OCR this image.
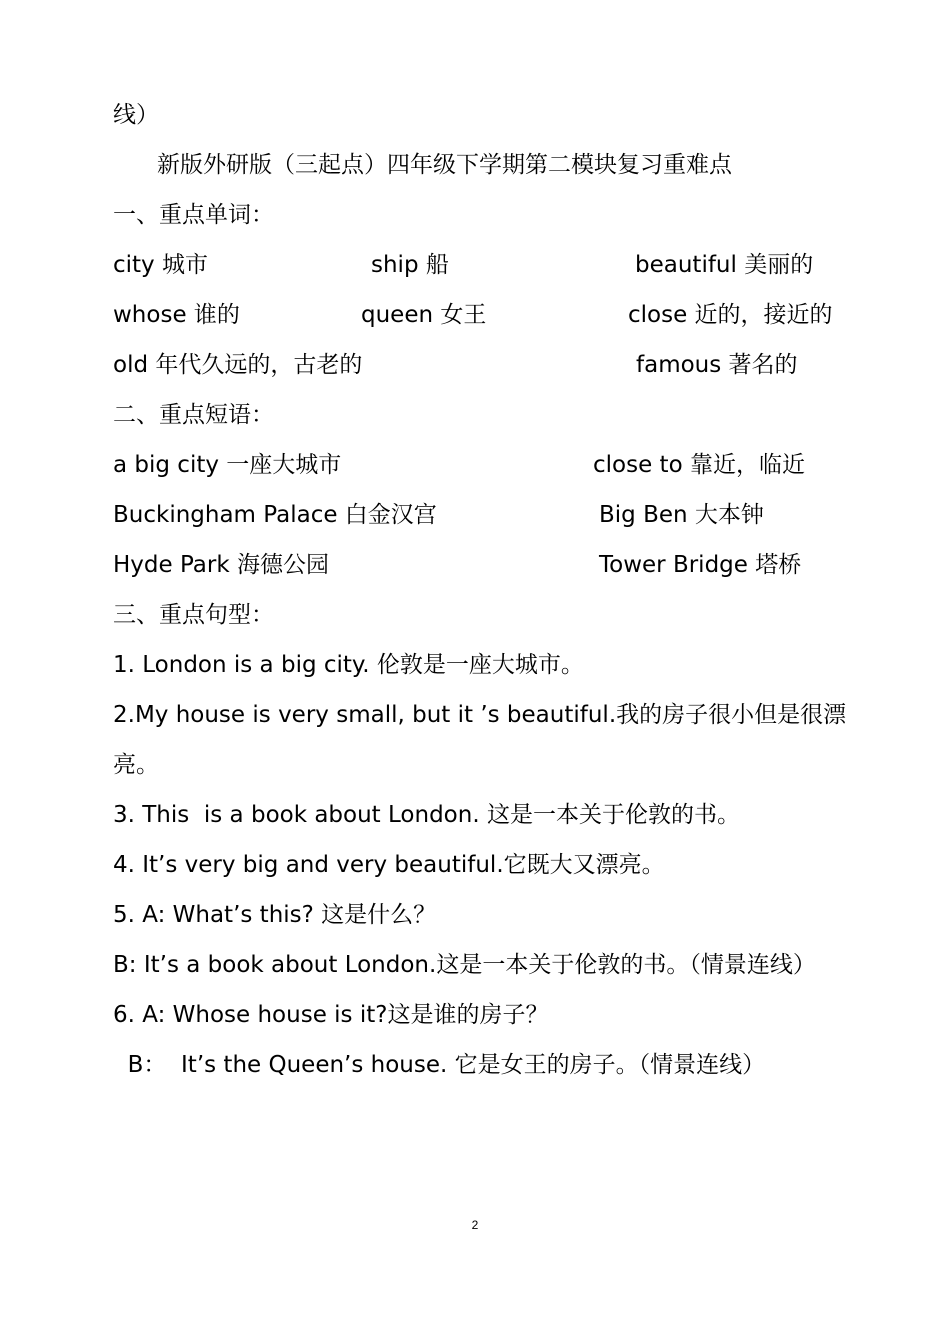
线）
新版外研版（三起点）四年级下学期第二模块复习重难点
一、重点单词：
city 城市	ship 船	beautiful 美丽的
whose 谁的	queen 女王	close 近的，接近的
old 年代久远的，古老的	famous 著名的
二、重点短语：
a big city 一座大城市	close to 靠近，临近
Buckingham Palace 白金汉宫	Big Ben 大本钟
Hyde Park 海德公园	Tower Bridge 塔桥
三、重点句型：
1. London is a big city. 伦敦是一座大城市。
2.My house is very small, but it ’s beautiful.我的房子很小但是很漂
亮。
3. This  is a book about London. 这是一本关于伦敦的书。
4. It’s very big and very beautiful.它既大又漂亮。
5. A: What’s this? 这是什么？
B: It’s a book about London.这是一本关于伦敦的书。（情景连线）
6. A: Whose house is it?这是谁的房子？
B：  It’s the Queen’s house. 它是女王的房子。（情景连线）
2
